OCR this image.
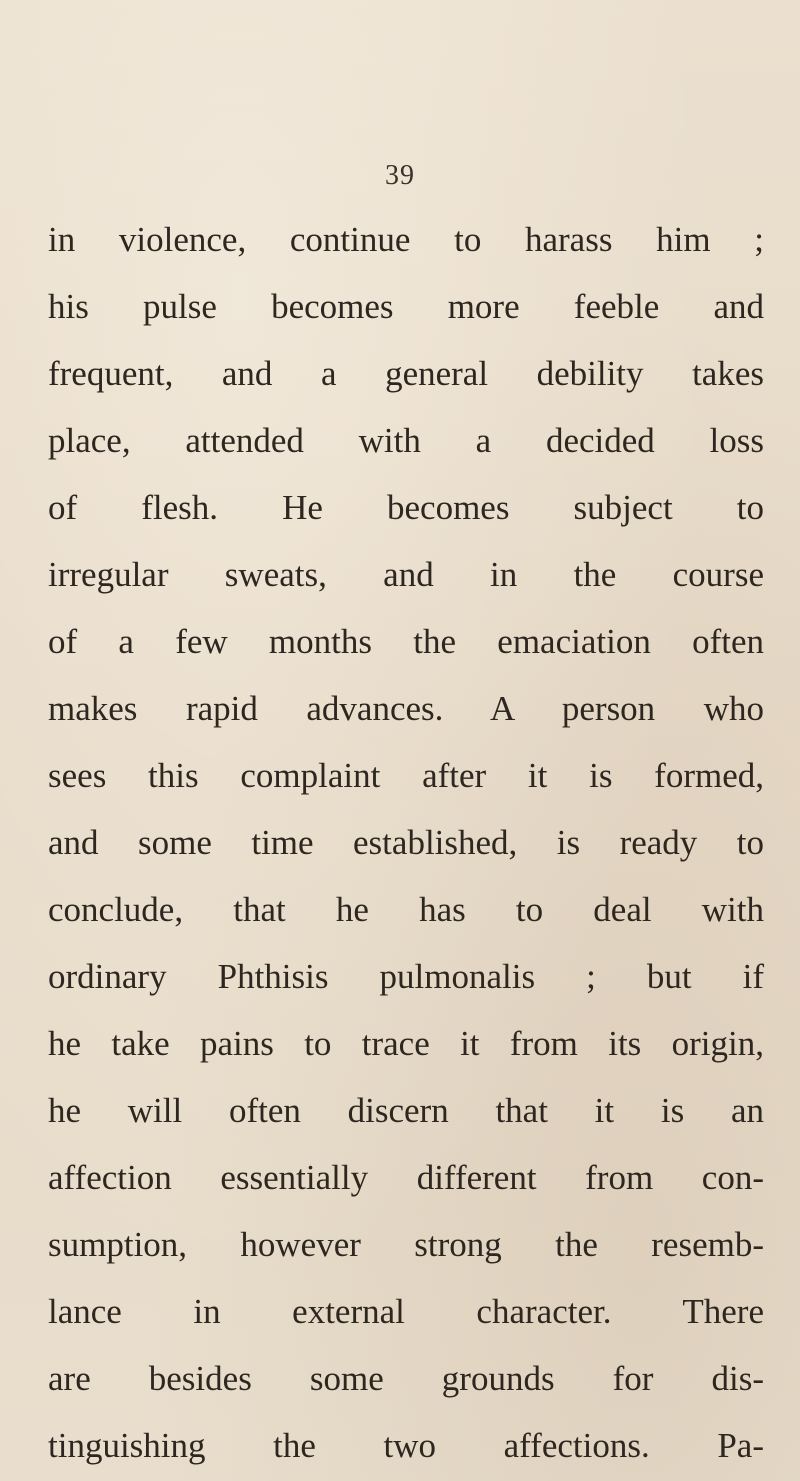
39
in violence, continue to harass him ;
his pulse becomes more feeble and
frequent, and a general debility takes
place, attended with a decided loss
of flesh. He becomes subject to
irregular sweats, and in the course
of a few months the emaciation often
makes rapid advances. A person who
sees this complaint after it is formed,
and some time established, is ready to
conclude, that he has to deal with
ordinary Phthisis pulmonalis ; but if
he take pains to trace it from its origin,
he will often discern that it is an
affection essentially different from con-
sumption, however strong the resemb-
lance in external character. There
are besides some grounds for dis-
tinguishing the two affections. Pa-
